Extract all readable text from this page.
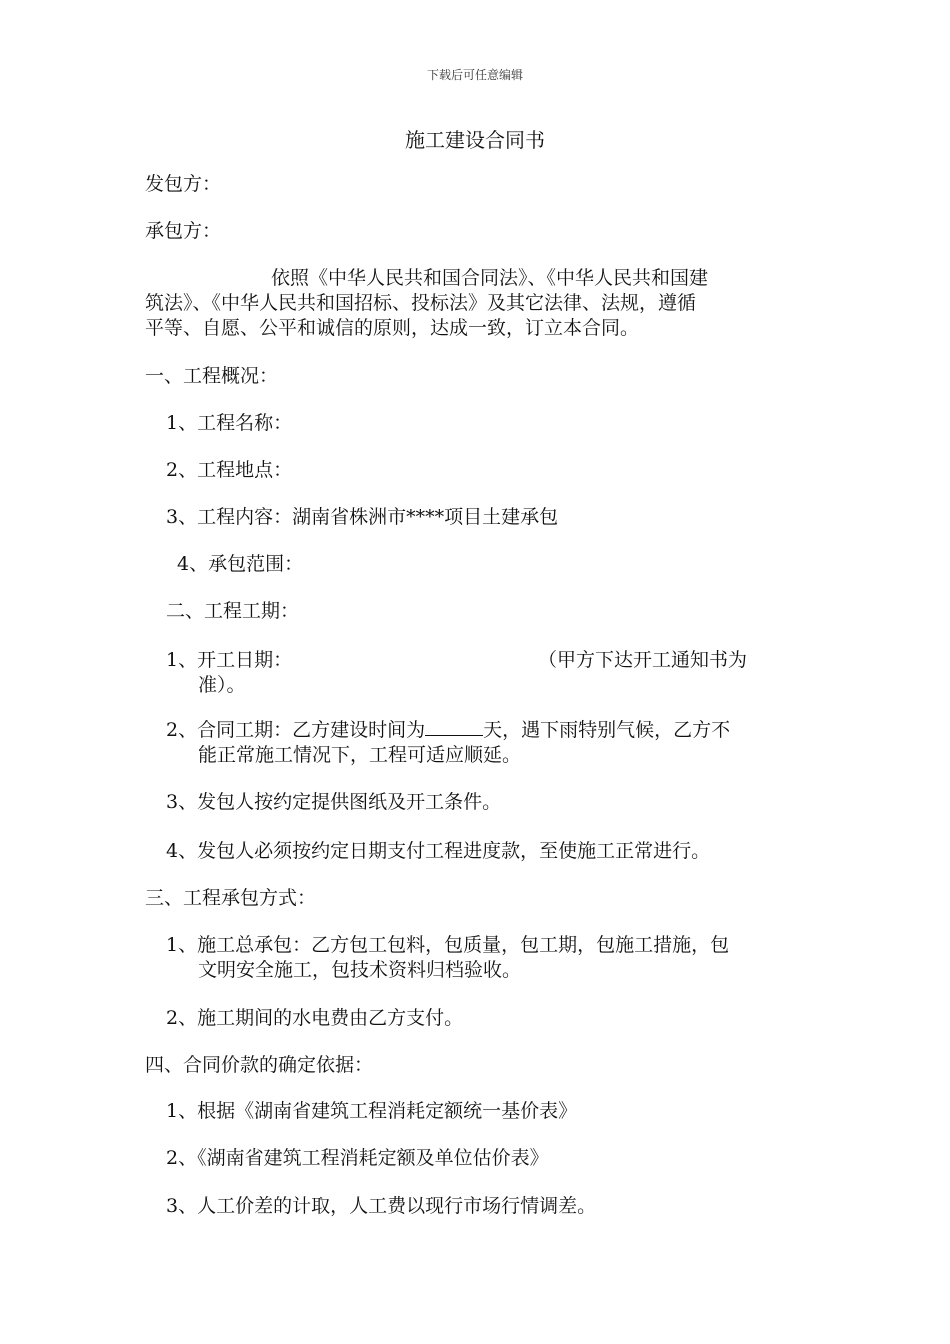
下载后可任意编辑
施工建设合同书
发包方：
承包方：
依照《中华人民共和国合同法》、《中华人民共和国建
筑法》、《中华人民共和国招标、投标法》及其它法律、法规，遵循
平等、自愿、公平和诚信的原则，达成一致，订立本合同。
一、工程概况：
1、工程名称：
2、工程地点：
3、工程内容：湖南省株洲市****项目土建承包
4、承包范围：
二、工程工期：
1、开工日期：	（甲方下达开工通知书为
准）。
2、合同工期：乙方建设时间为	天，遇下雨特别气候，乙方不
能正常施工情况下，工程可适应顺延。
3、发包人按约定提供图纸及开工条件。
4、发包人必须按约定日期支付工程进度款，至使施工正常进行。
三、工程承包方式：
1、施工总承包：乙方包工包料，包质量，包工期，包施工措施，包
文明安全施工，包技术资料归档验收。
2、施工期间的水电费由乙方支付。
四、合同价款的确定依据：
1、根据《湖南省建筑工程消耗定额统一基价表》
2、《湖南省建筑工程消耗定额及单位估价表》
3、人工价差的计取，人工费以现行市场行情调差。
